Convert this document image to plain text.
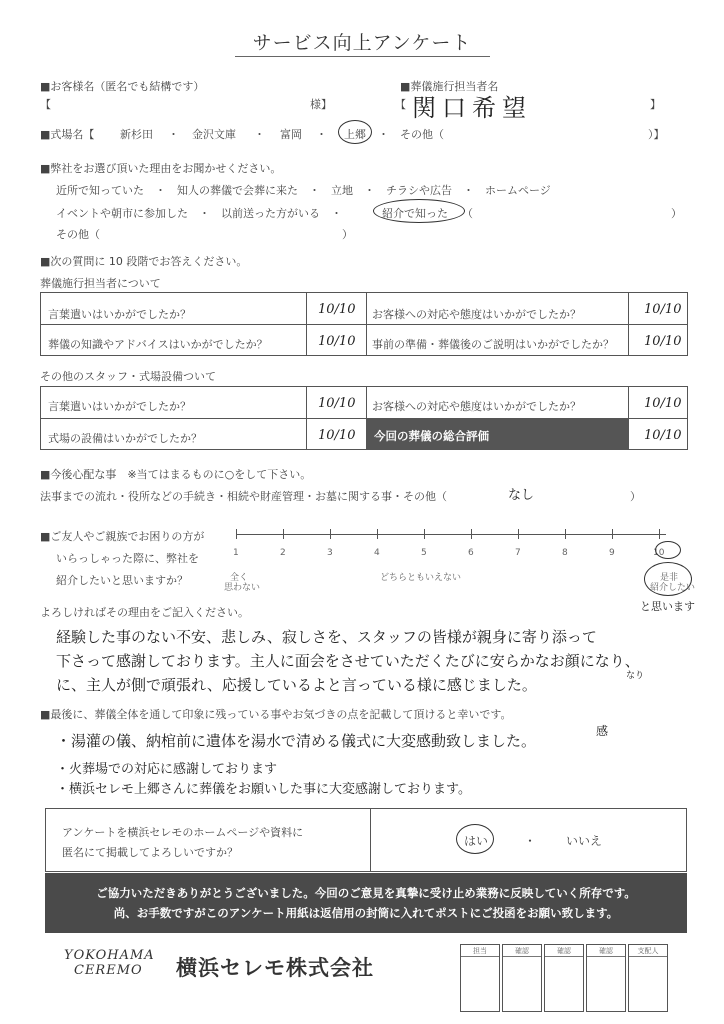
サービス向上アンケート
■お客様名（匿名でも結構です）
【	様】
■葬儀施行担当者名
【 関口希望	】
■式場名【 新杉田 ・ 金沢文庫 ・ 富岡 ・ 上郷 ・ その他（	）】
■弊社をお選び頂いた理由をお聞かせください。
近所で知っていた　・　知人の葬儀で会葬に来た　・　立地　・　チラシや広告　・　ホームページ
イベントや朝市に参加した　・　以前送った方がいる　・	紹介で知った （　　　　　　　　　　　　　　　　　　）
その他（　　　　　　　　　　　　　　　　　　　　　　）
■次の質問に 10 段階でお答えください。
葬儀施行担当者について
言葉遣いはいかがでしたか？	10/10 お客様への対応や態度はいかがでしたか？	10/10
葬儀の知識やアドバイスはいかがでしたか？	10/10 事前の準備・葬儀後のご説明はいかがでしたか？ 10/10
その他のスタッフ・式場設備ついて
言葉遣いはいかがでしたか？	10/10 お客様への対応や態度はいかがでしたか？	10/10
式場の設備はいかがでしたか？	10/10 今回の葬儀の総合評価	10/10
■今後心配な事　※当てはまるものに○をして下さい。
法事までの流れ・役所などの手続き・相続や財産管理・お墓に関する事・その他（	なし	）
■ご友人やご親族でお困りの方が
いらっしゃった際に、弊社を
紹介したいと思いますか？
1	2	3	4	5	6	7	8	9	10
全く
思わない
どちらともいえない	是非
紹介したい
と思います
よろしければその理由をご記入ください。
経験した事のない不安、悲しみ、寂しさを、スタッフの皆様が親身に寄り添って
下さって感謝しております。主人に面会をさせていただくたびに安らかなお顔になり、
なり
に、主人が側で頑張れ、応援しているよと言っている様に感じました。
■最後に、葬儀全体を通して印象に残っている事やお気づきの点を記載して頂けると幸いです。
感
・湯灌の儀、納棺前に遺体を湯水で清める儀式に大変感動致しました。
・火葬場での対応に感謝しております
・横浜セレモ上郷さんに葬儀をお願いした事に大変感謝しております。
アンケートを横浜セレモのホームページや資料に
匿名にて掲載してよろしいですか？
はい	・ いいえ
ご協力いただきありがとうございました。今回のご意見を真摯に受け止め業務に反映していく所存です。
尚、お手数ですがこのアンケート用紙は返信用の封筒に入れてポストにご投函をお願い致します。
YOKOHAMA
CEREMO	横浜セレモ株式会社
担当	確認	確認	確認	支配人
